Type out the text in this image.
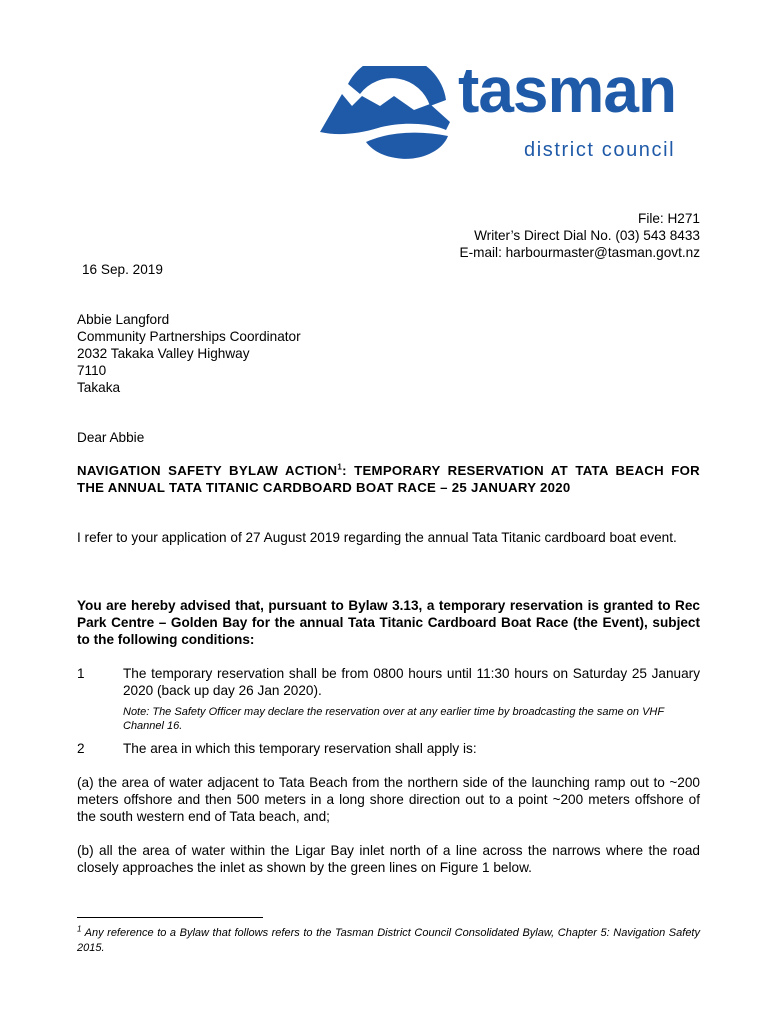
tasman
district council
File: H271
Writer’s Direct Dial No. (03) 543 8433
E-mail: harbourmaster@tasman.govt.nz
16 Sep. 2019
Abbie Langford
Community Partnerships Coordinator
2032 Takaka Valley Highway
7110
Takaka
Dear Abbie
NAVIGATION SAFETY BYLAW ACTION$^1$: TEMPORARY RESERVATION AT TATA BEACH FOR THE ANNUAL TATA TITANIC CARDBOARD BOAT RACE – 25 JANUARY 2020
I refer to your application of 27 August 2019 regarding the annual Tata Titanic cardboard boat event.
You are hereby advised that, pursuant to Bylaw 3.13, a temporary reservation is granted to Rec Park Centre – Golden Bay for the annual Tata Titanic Cardboard Boat Race (the Event), subject to the following conditions:
1	The temporary reservation shall be from 0800 hours until 11:30 hours on Saturday 25 January 2020 (back up day 26 Jan 2020).
Note: The Safety Officer may declare the reservation over at any earlier time by broadcasting the same on VHF Channel 16.
2	The area in which this temporary reservation shall apply is:
(a) the area of water adjacent to Tata Beach from the northern side of the launching ramp out to ~200 meters offshore and then 500 meters in a long shore direction out to a point ~200 meters offshore of the south western end of Tata beach, and;
(b) all the area of water within the Ligar Bay inlet north of a line across the narrows where the road closely approaches the inlet as shown by the green lines on Figure 1 below.
$^1$ Any reference to a Bylaw that follows refers to the Tasman District Council Consolidated Bylaw, Chapter 5: Navigation Safety 2015.
